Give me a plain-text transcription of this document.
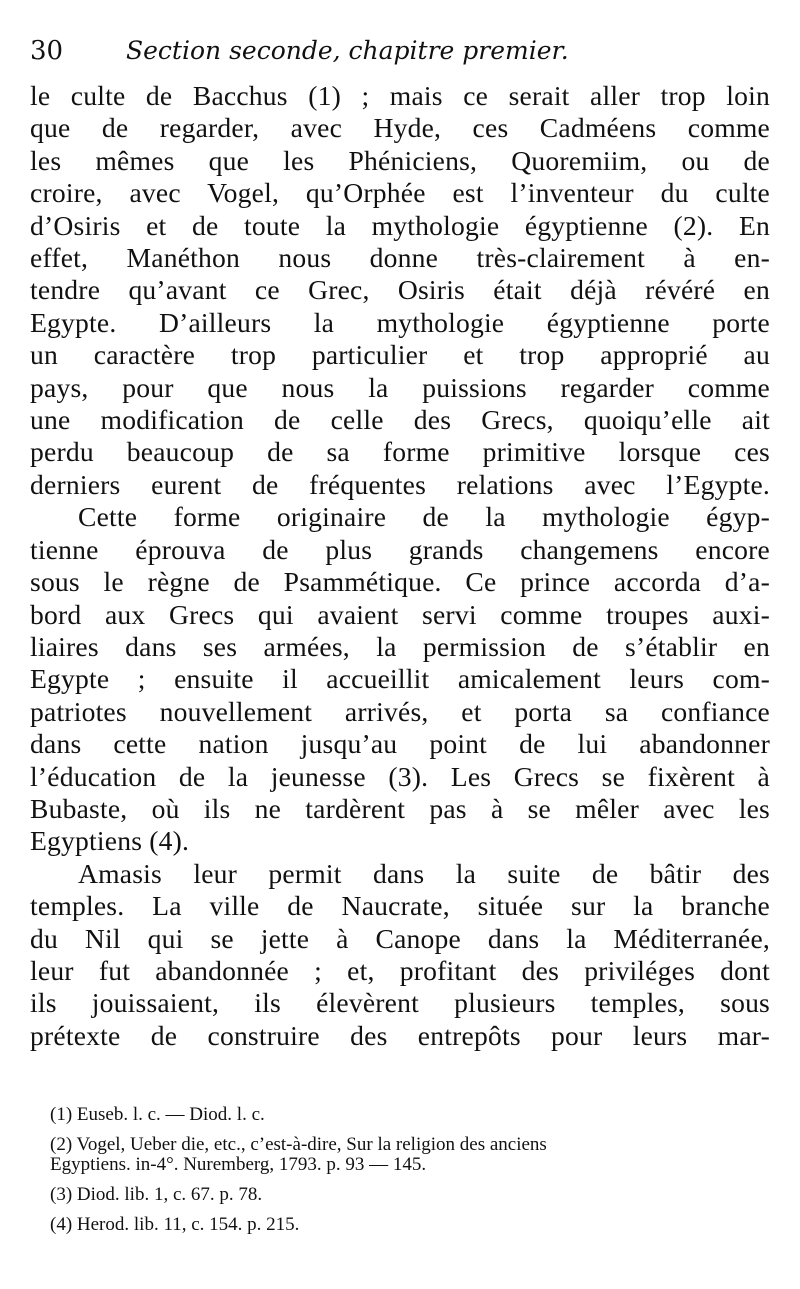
30	Section seconde, chapitre premier.
le culte de Bacchus (1) ; mais ce serait aller trop loin
que de regarder, avec Hyde, ces Cadméens comme
les mêmes que les Phéniciens, Quoremiim, ou de
croire, avec Vogel, qu’Orphée est l’inventeur du culte
d’Osiris et de toute la mythologie égyptienne (2). En
effet, Manéthon nous donne très-clairement à en-
tendre qu’avant ce Grec, Osiris était déjà révéré en
Egypte. D’ailleurs la mythologie égyptienne porte
un caractère trop particulier et trop approprié au
pays, pour que nous la puissions regarder comme
une modification de celle des Grecs, quoiqu’elle ait
perdu beaucoup de sa forme primitive lorsque ces
derniers eurent de fréquentes relations avec l’Egypte.
Cette forme originaire de la mythologie égyp-
tienne éprouva de plus grands changemens encore
sous le règne de Psammétique. Ce prince accorda d’a-
bord aux Grecs qui avaient servi comme troupes auxi-
liaires dans ses armées, la permission de s’établir en
Egypte ; ensuite il accueillit amicalement leurs com-
patriotes nouvellement arrivés, et porta sa confiance
dans cette nation jusqu’au point de lui abandonner
l’éducation de la jeunesse (3). Les Grecs se fixèrent à
Bubaste, où ils ne tardèrent pas à se mêler avec les
Egyptiens (4).
Amasis leur permit dans la suite de bâtir des
temples. La ville de Naucrate, située sur la branche
du Nil qui se jette à Canope dans la Méditerranée,
leur fut abandonnée ; et, profitant des priviléges dont
ils jouissaient, ils élevèrent plusieurs temples, sous
prétexte de construire des entrepôts pour leurs mar-
(1) Euseb. l. c. — Diod. l. c.
(2) Vogel, Ueber die, etc., c’est-à-dire, Sur la religion des anciens
Egyptiens. in-4°. Nuremberg, 1793. p. 93 — 145.
(3) Diod. lib. 1, c. 67. p. 78.
(4) Herod. lib. 11, c. 154. p. 215.
